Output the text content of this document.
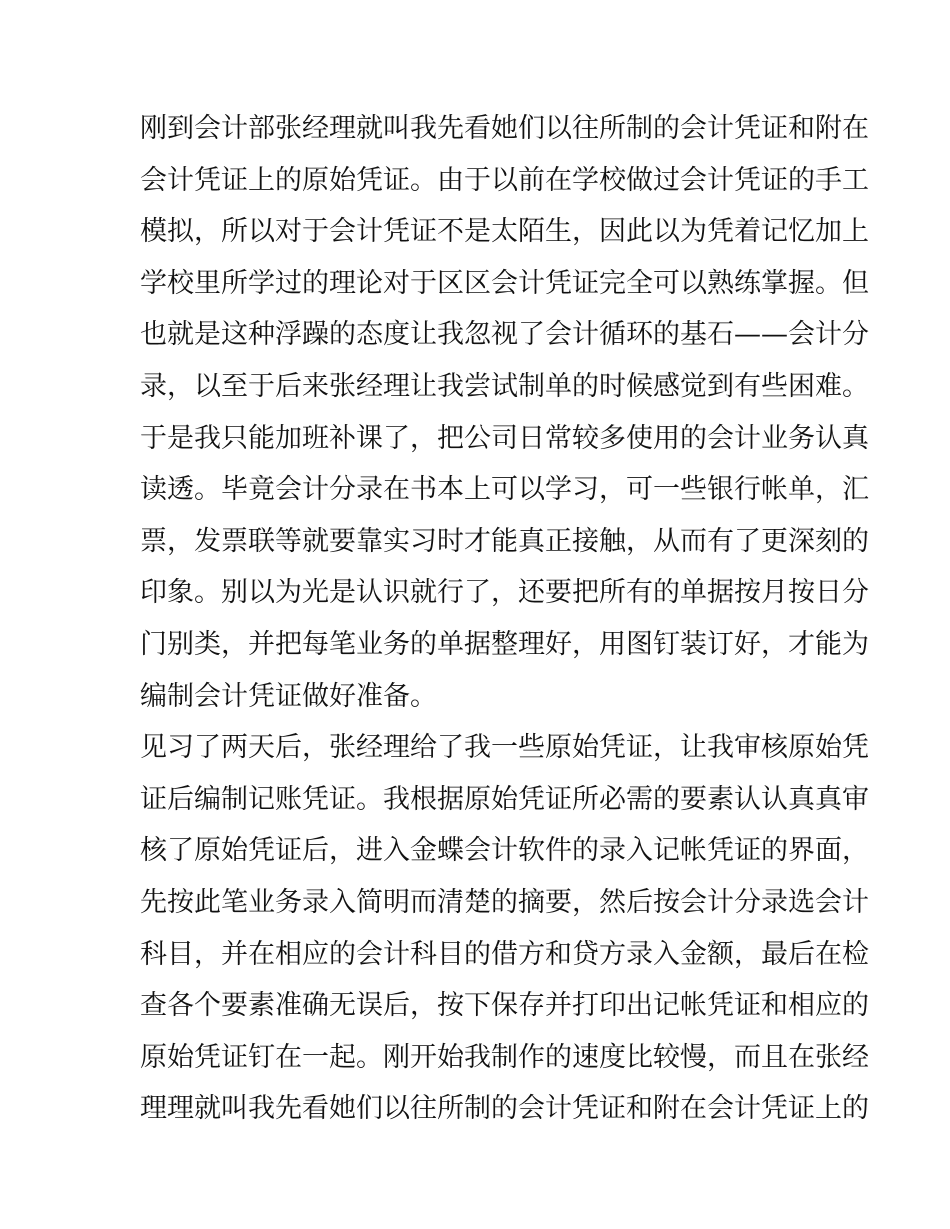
刚到会计部张经理就叫我先看她们以往所制的会计凭证和附在
会计凭证上的原始凭证。由于以前在学校做过会计凭证的手工
模拟，所以对于会计凭证不是太陌生，因此以为凭着记忆加上
学校里所学过的理论对于区区会计凭证完全可以熟练掌握。但
也就是这种浮躁的态度让我忽视了会计循环的基石——会计分
录，以至于后来张经理让我尝试制单的时候感觉到有些困难。
于是我只能加班补课了，把公司日常较多使用的会计业务认真
读透。毕竟会计分录在书本上可以学习，可一些银行帐单，汇
票，发票联等就要靠实习时才能真正接触，从而有了更深刻的
印象。别以为光是认识就行了，还要把所有的单据按月按日分
门别类，并把每笔业务的单据整理好，用图钉装订好，才能为
编制会计凭证做好准备。
见习了两天后，张经理给了我一些原始凭证，让我审核原始凭
证后编制记账凭证。我根据原始凭证所必需的要素认认真真审
核了原始凭证后，进入金蝶会计软件的录入记帐凭证的界面，
先按此笔业务录入简明而清楚的摘要，然后按会计分录选会计
科目，并在相应的会计科目的借方和贷方录入金额，最后在检
查各个要素准确无误后，按下保存并打印出记帐凭证和相应的
原始凭证钉在一起。刚开始我制作的速度比较慢，而且在张经
理理就叫我先看她们以往所制的会计凭证和附在会计凭证上的
